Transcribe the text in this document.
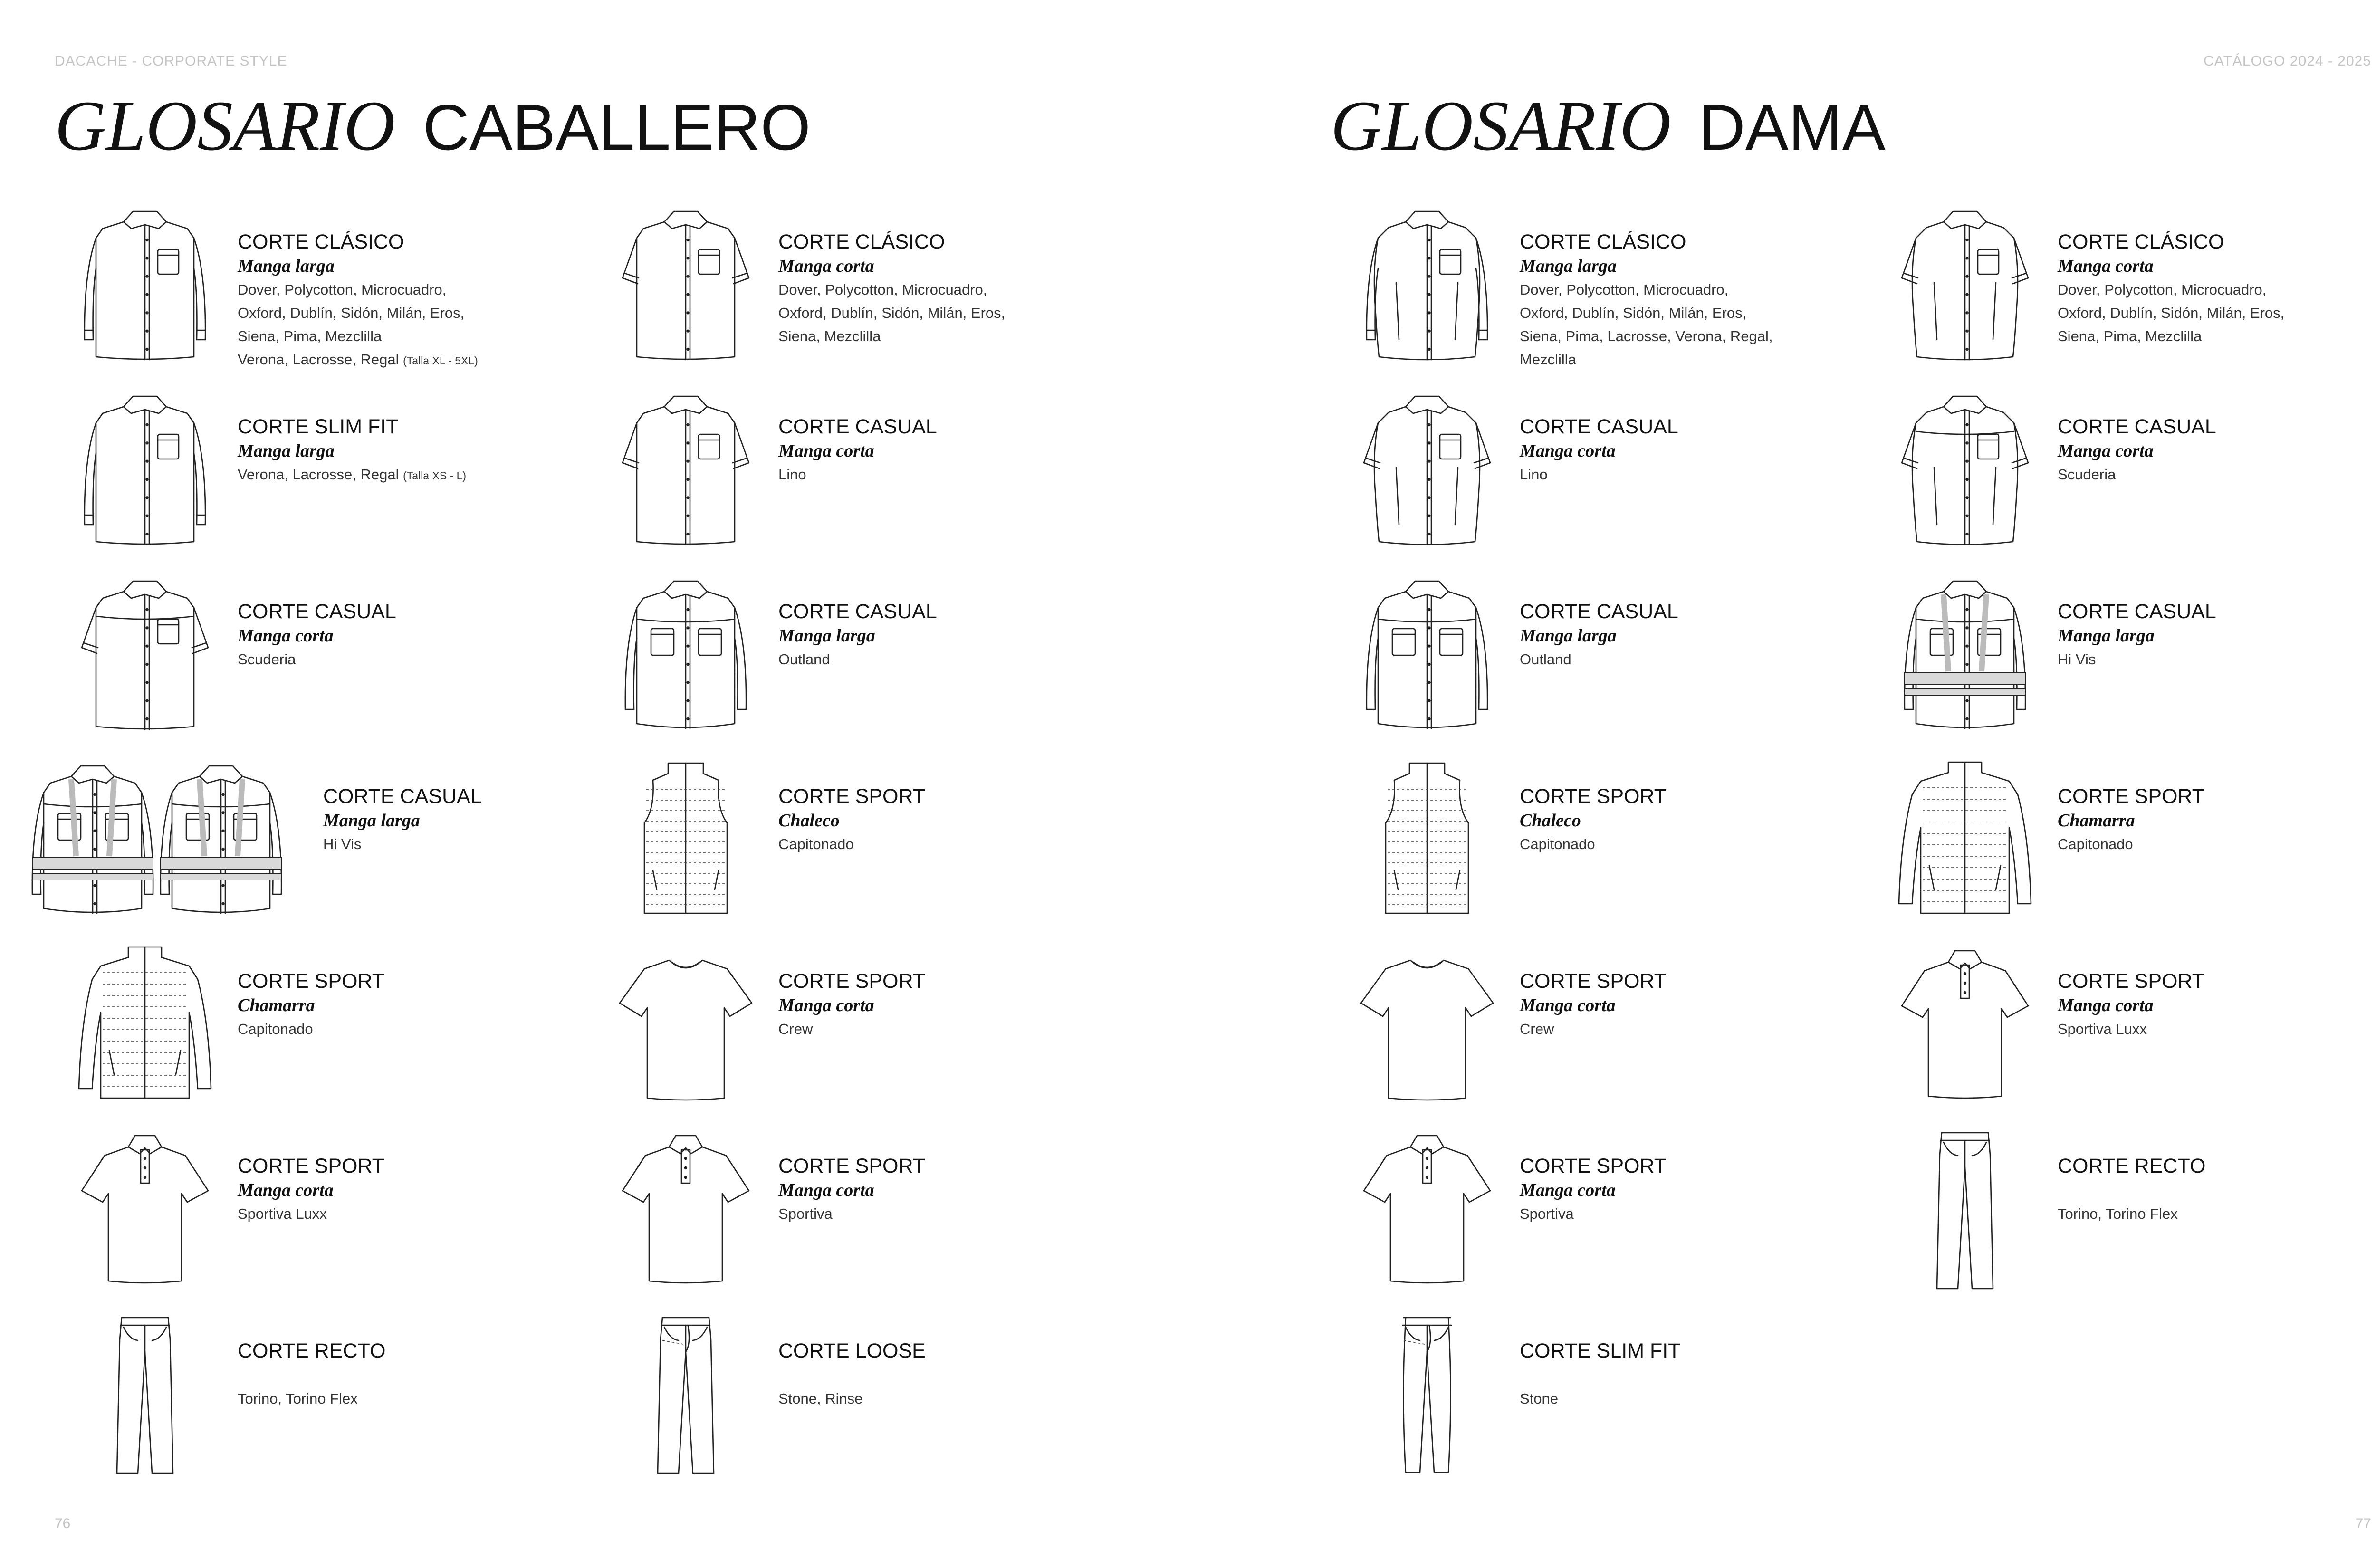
DACACHE - CORPORATE STYLE	CATÁLOGO 2024 - 2025
76	77
GLOSARIO CABALLERO	GLOSARIO DAMA
CORTE CLÁSICO
Manga larga
Dover, Polycotton, Microcuadro,
Oxford, Dublín, Sidón, Milán, Eros,
Siena, Pima, Mezclilla
Verona, Lacrosse, Regal (Talla XL - 5XL)
CORTE SLIM FIT
Manga larga
Verona, Lacrosse, Regal (Talla XS - L)
CORTE CASUAL
Manga corta
Scuderia
CORTE CASUAL
Manga larga
Hi Vis
CORTE SPORT
Chamarra
Capitonado
CORTE SPORT
Manga corta
Sportiva Luxx
CORTE RECTO
Torino, Torino Flex
CORTE CLÁSICO
Manga corta
Dover, Polycotton, Microcuadro,
Oxford, Dublín, Sidón, Milán, Eros,
Siena, Mezclilla
CORTE CASUAL
Manga corta
Lino
CORTE CASUAL
Manga larga
Outland
CORTE SPORT
Chaleco
Capitonado
CORTE SPORT
Manga corta
Crew
CORTE SPORT
Manga corta
Sportiva
CORTE LOOSE
Stone, Rinse
CORTE CLÁSICO
Manga larga
Dover, Polycotton, Microcuadro,
Oxford, Dublín, Sidón, Milán, Eros,
Siena, Pima, Lacrosse, Verona, Regal,
Mezclilla
CORTE CASUAL
Manga corta
Lino
CORTE CASUAL
Manga larga
Outland
CORTE SPORT
Chaleco
Capitonado
CORTE SPORT
Manga corta
Crew
CORTE SPORT
Manga corta
Sportiva
CORTE SLIM FIT
Stone
CORTE CLÁSICO
Manga corta
Dover, Polycotton, Microcuadro,
Oxford, Dublín, Sidón, Milán, Eros,
Siena, Pima, Mezclilla
CORTE CASUAL
Manga corta
Scuderia
CORTE CASUAL
Manga larga
Hi Vis
CORTE SPORT
Chamarra
Capitonado
CORTE SPORT
Manga corta
Sportiva Luxx
CORTE RECTO
Torino, Torino Flex
